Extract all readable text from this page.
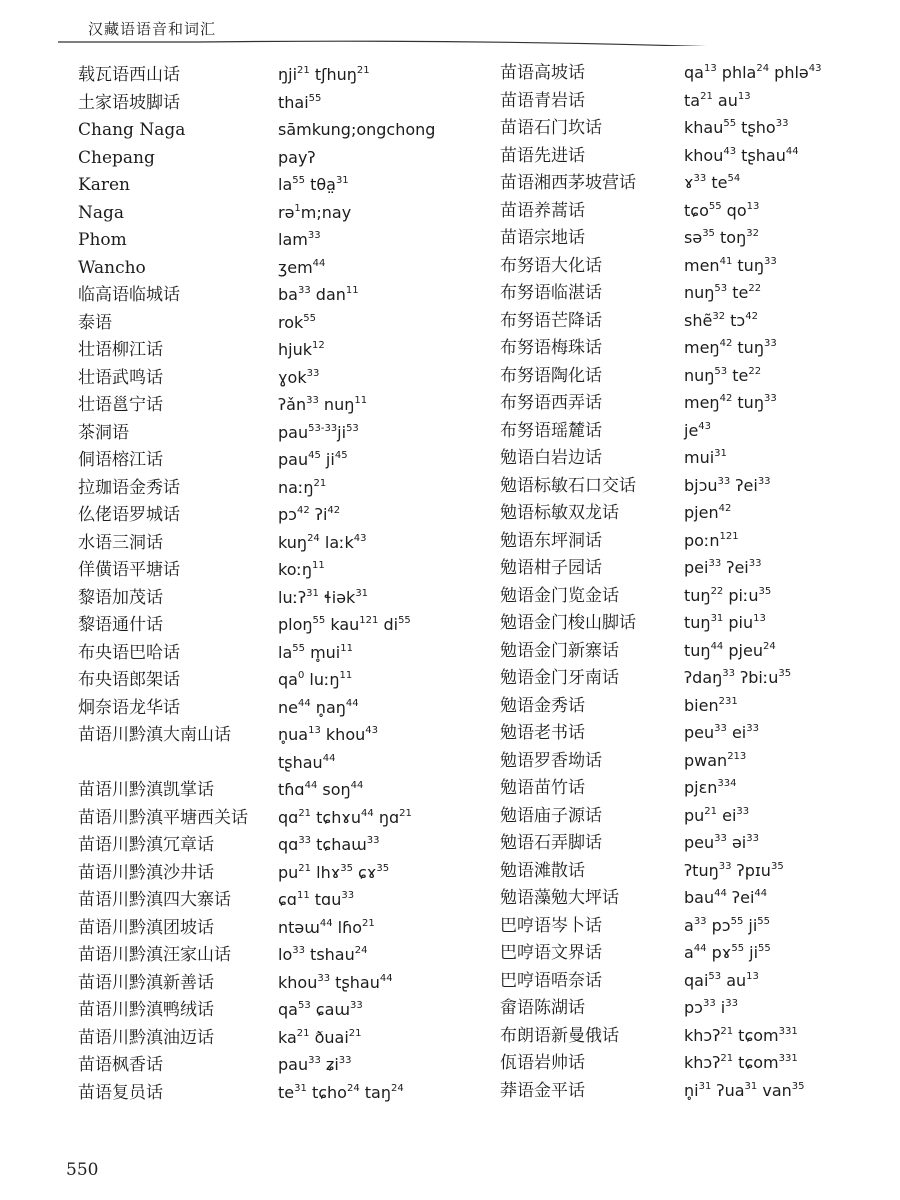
汉藏语语音和词汇
载瓦语西山话	ŋji$^{21}$ tʃhuŋ$^{21}$
土家语坡脚话	thai$^{55}$
Chang Naga	sāmkung;ongchong
Chepang	payʔ
Karen	$la^{55}$ tθa̤$^{31}$
Naga	rə$^1$m;nay
Phom	lam$^{33}$
Wancho	ʒem$^{44}$
临高语临城话	$ba^{33}$ dan$^{11}$
泰语	rok$^{55}$
壮语柳江话	hjuk$^{12}$
壮语武鸣话	ɣok$^{33}$
壮语邕宁话	ʔǎn$^{33}$ nuŋ$^{11}$
茶洞语	$pau^{53-33}ji^{53}$
侗语榕江话	pau$^{45}$ $ji^{45}$
拉珈语金秀话	naːŋ$^{21}$
仫佬语罗城话	pɔ$^{42}$ ʔi$^{42}$
水语三洞话	kuŋ$^{24}$ laːk$^{43}$
佯僙语平塘话	koːŋ$^{11}$
黎语加茂话	luːʔ$^{31}$ ɬiək$^{31}$
黎语通什话	ploŋ$^{55}$ kau$^{121}$ $di^{55}$
布央语巴哈话	$la^{55}$ $m̥ui^{11}$
布央语郎架话	$qa^0$ luːŋ$^{11}$
炯奈语龙华话	$ne^{44}$ $n̥aŋ^{44}$
苗语川黔滇大南山话	$n̥ua^{13}$ khou$^{43}$
tʂhau$^{44}$
苗语川黔滇凯掌话	tɦɑ$^{44}$ soŋ$^{44}$
苗语川黔滇平塘西关话 qɑ$^{21}$ tɕhɤu$^{44}$ ŋɑ$^{21}$
苗语川黔滇冗章话	qɑ$^{33}$ tɕhaɯ$^{33}$
苗语川黔滇沙井话	$pu^{21}$ lhɤ$^{35}$ ɕɤ$^{35}$
苗语川黔滇四大寨话	ɕɑ$^{11}$ tɑu$^{33}$
苗语川黔滇团坡话	ntəɯ$^{44}$ lɦo$^{21}$
苗语川黔滇汪家山话	$lo^{33}$ tshau$^{24}$
苗语川黔滇新善话	khou$^{33}$ tʂhau$^{44}$
苗语川黔滇鸭绒话	$qa^{53}$ ɕaɯ$^{33}$
苗语川黔滇油迈话	$ka^{21}$ ðuai$^{21}$
苗语枫香话	pau$^{33}$ ʑi$^{33}$
苗语复员话	$te^{31}$ tɕho$^{24}$ taŋ$^{24}$
苗语高坡话	$qa^{13}$ phla$^{24}$ phlə$^{43}$
苗语青岩话	$ta^{21}$ $au^{13}$
苗语石门坎话	khau$^{55}$ tʂho$^{33}$
苗语先进话	khou$^{43}$ tʂhau$^{44}$
苗语湘西茅坡营话	ɤ$^{33}$ $te^{54}$
苗语养蒿话	tɕo$^{55}$ $qo^{13}$
苗语宗地话	sə$^{35}$ toŋ$^{32}$
布努语大化话	men$^{41}$ tuŋ$^{33}$
布努语临湛话	nuŋ$^{53}$ $te^{22}$
布努语芒降话	shẽ$^{32}$ tɔ$^{42}$
布努语梅珠话	meŋ$^{42}$ tuŋ$^{33}$
布努语陶化话	nuŋ$^{53}$ $te^{22}$
布努语西弄话	meŋ$^{42}$ tuŋ$^{33}$
布努语瑶麓话	$je^{43}$
勉语白岩边话	mui$^{31}$
勉语标敏石口交话	bjɔu$^{33}$ ʔei$^{33}$
勉语标敏双龙话	pjen$^{42}$
勉语东坪洞话	poːn$^{121}$
勉语柑子园话	pei$^{33}$ ʔei$^{33}$
勉语金门览金话	tuŋ$^{22}$ piːu$^{35}$
勉语金门梭山脚话	tuŋ$^{31}$ piu$^{13}$
勉语金门新寨话	tuŋ$^{44}$ pjeu$^{24}$
勉语金门牙南话	ʔdaŋ$^{33}$ ʔbiːu$^{35}$
勉语金秀话	bien$^{231}$
勉语老书话	peu$^{33}$ $ei^{33}$
勉语罗香坳话	pwan$^{213}$
勉语苗竹话	pjɛn$^{334}$
勉语庙子源话	$pu^{21}$ $ei^{33}$
勉语石弄脚话	peu$^{33}$ əi$^{33}$
勉语滩散话	ʔtuŋ$^{33}$ ʔpɪu$^{35}$
勉语藻勉大坪话	bau$^{44}$ ʔei$^{44}$
巴哼语岑卜话	$a^{33}$ pɔ$^{55}$ $ji^{55}$
巴哼语文界话	$a^{44}$ pɤ$^{55}$ $ji^{55}$
巴哼语唔奈话	qai$^{53}$ $au^{13}$
畲语陈湖话	pɔ$^{33}$ $i^{33}$
布朗语新曼俄话	khɔʔ$^{21}$ tɕom$^{331}$
佤语岩帅话	khɔʔ$^{21}$ tɕom$^{331}$
莽语金平话	$n̥i^{31}$ ʔua$^{31}$ van$^{35}$
550
